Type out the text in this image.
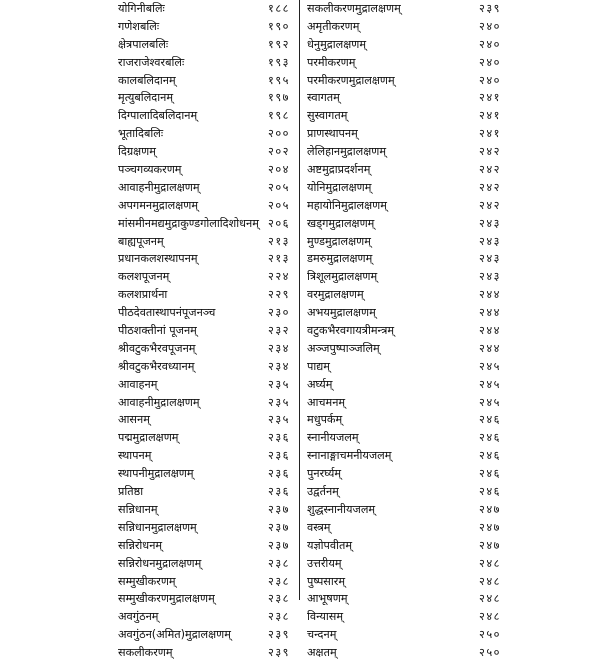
योगिनीबलिः	१८८
गणेशबलिः	१९०
क्षेत्रपालबलिः	१९२
राजराजेश्वरबलिः	१९३
कालबलिदानम्	१९५
मृत्युबलिदानम्	१९७
दिग्पालादिबलिदानम्	१९८
भूतादिबलिः	२००
दिग्रक्षणम्	२०२
पञ्चगव्यकरणम्	२०४
आवाहनीमुद्रालक्षणम्	२०५
अपगमनमुद्रालक्षणम्	२०५
मांसमीनमद्यमुद्राकुण्डगोलादिशोधनम् २०६
बाह्यपूजनम्	२१३
प्रधानकलशस्थापनम्	२१३
कलशपूजनम्	२२४
कलशप्रार्थना	२२९
पीठदेवतास्थापनंपूजनञ्च	२३०
पीठशक्तीनां पूजनम्	२३२
श्रीवटुकभैरवपूजनम्	२३४
श्रीवटुकभैरवध्यानम्	२३४
आवाहनम्	२३५
आवाहनीमुद्रालक्षणम्	२३५
आसनम्	२३५
पद्ममुद्रालक्षणम्	२३६
स्थापनम्	२३६
स्थापनीमुद्रालक्षणम्	२३६
प्रतिष्ठा	२३६
सन्निधानम्	२३७
सन्निधानमुद्रालक्षणम्	२३७
सन्निरोधनम्	२३७
सन्निरोधनमुद्रालक्षणम्	२३८
सम्मुखीकरणम्	२३८
सम्मुखीकरणमुद्रालक्षणम्	२३८
अवगुंठनम्	२३८
अवगुंठन(अमित)मुद्रालक्षणम्	२३९
सकलीकरणम्	२३९
सकलीकरणमुद्रालक्षणम्	२३९
अमृतीकरणम्	२४०
धेनुमुद्रालक्षणम्	२४०
परमीकरणम्	२४०
परमीकरणमुद्रालक्षणम्	२४०
स्वागतम्	२४१
सुस्वागतम्	२४१
प्राणस्थापनम्	२४१
लेलिहानमुद्रालक्षणम्	२४२
अष्टमुद्राप्रदर्शनम्	२४२
योनिमुद्रालक्षणम्	२४२
महायोनिमुद्रालक्षणम्	२४२
खड्गमुद्रालक्षणम्	२४३
मुण्डमुद्रालक्षणम्	२४३
डमरुमुद्रालक्षणम्	२४३
त्रिशूलमुद्रालक्षणम्	२४३
वरमुद्रालक्षणम्	२४४
अभयमुद्रालक्षणम्	२४४
वटुकभैरवगायत्रीमन्त्रम्	२४४
अञ्जपुष्पाञ्जलिम्	२४४
पाद्यम्	२४५
अर्घ्यम्	२४५
आचमनम्	२४५
मधुपर्कम्	२४६
स्नानीयजलम्	२४६
स्नानाङ्गाचमनीयजलम्	२४६
पुनरर्घ्यम्	२४६
उद्वर्तनम्	२४६
शुद्धस्नानीयजलम्	२४७
वस्त्रम्	२४७
यज्ञोपवीतम्	२४७
उत्तरीयम्	२४८
पुष्पसारम्	२४८
आभूषणम्	२४८
विन्यासम्	२४८
चन्दनम्	२५०
अक्षतम्	२५०
